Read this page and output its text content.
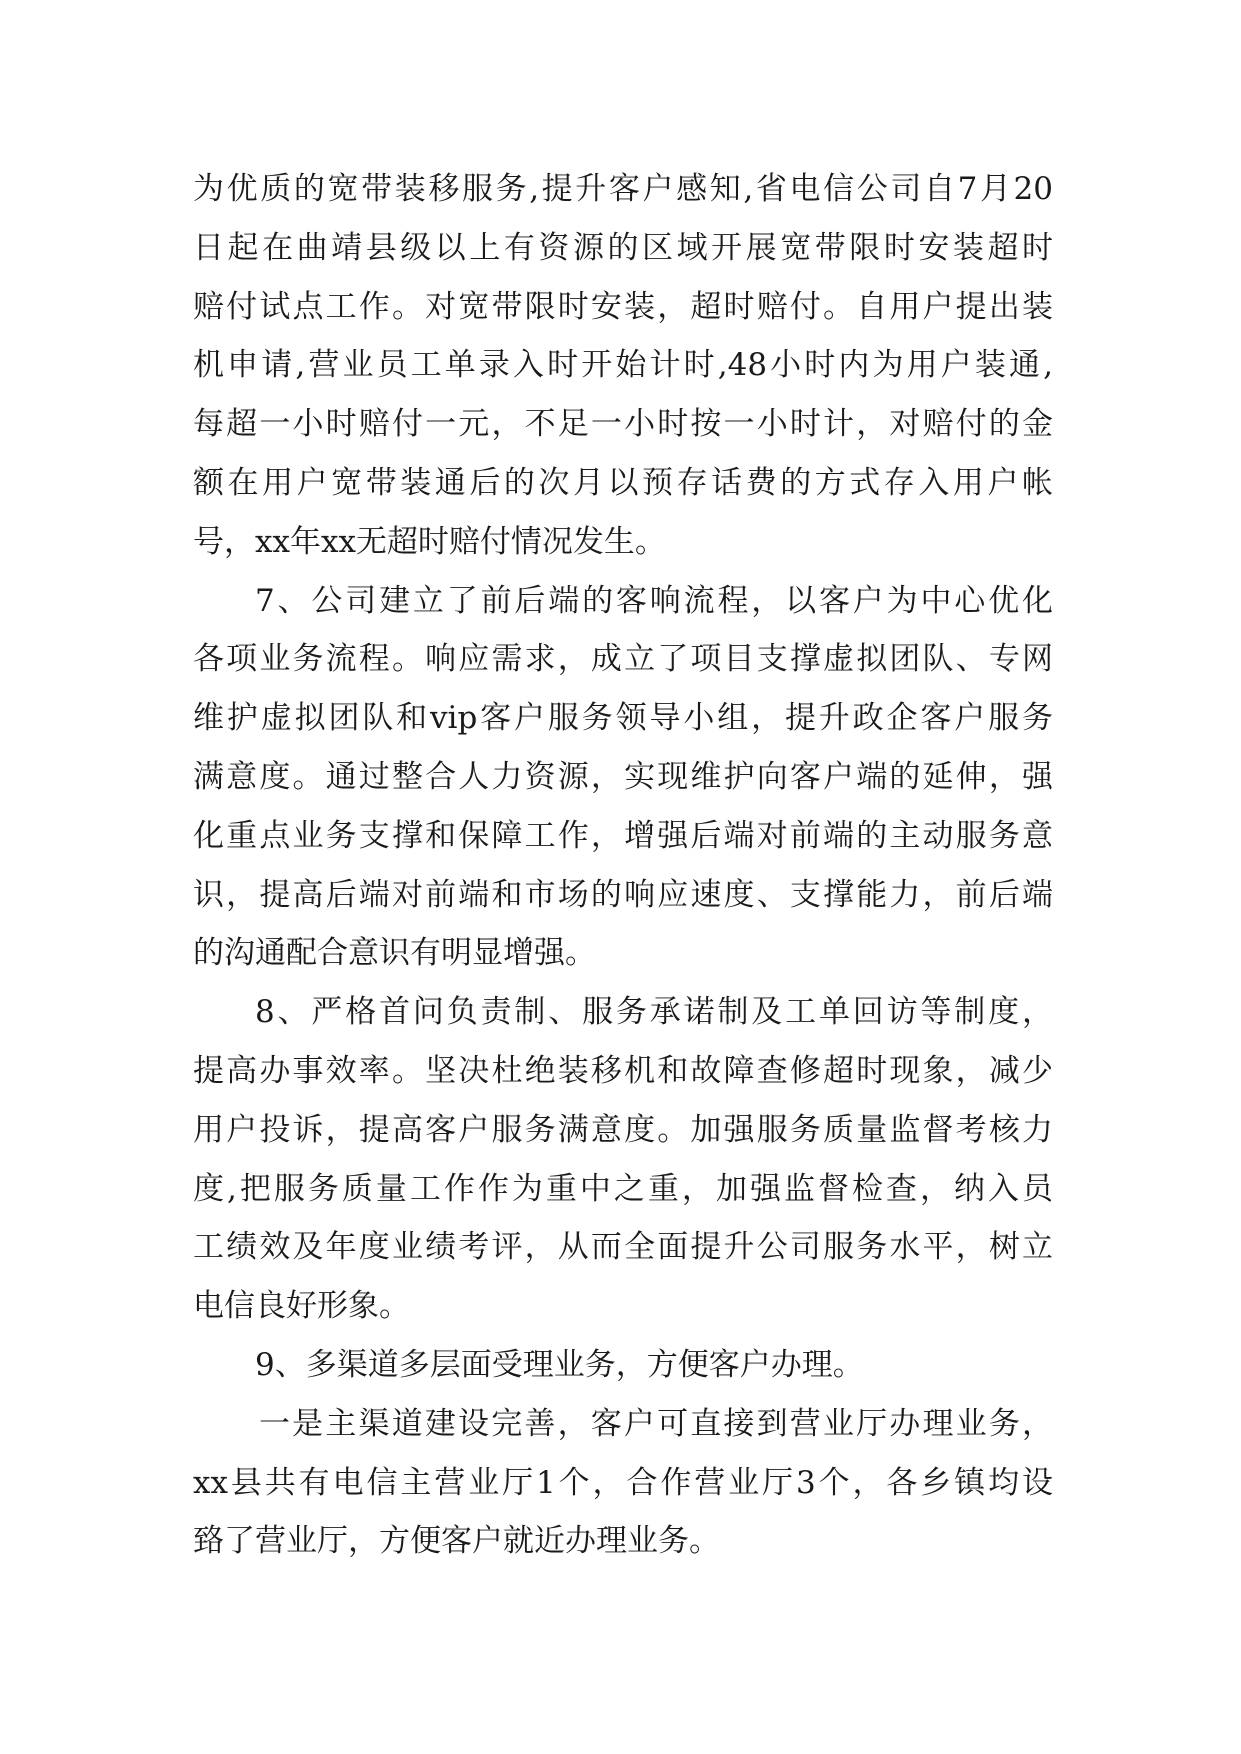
为优质的宽带装移服务,提升客户感知,省电信公司自7月20
日起在曲靖县级以上有资源的区域开展宽带限时安装超时
赔付试点工作。对宽带限时安装，超时赔付。自用户提出装
机申请,营业员工单录入时开始计时,48小时内为用户装通,
每超一小时赔付一元，不足一小时按一小时计，对赔付的金
额在用户宽带装通后的次月以预存话费的方式存入用户帐
号，xx年xx无超时赔付情况发生。
7、公司建立了前后端的客响流程，以客户为中心优化
各项业务流程。响应需求，成立了项目支撑虚拟团队、专网
维护虚拟团队和vip客户服务领导小组，提升政企客户服务
满意度。通过整合人力资源，实现维护向客户端的延伸，强
化重点业务支撑和保障工作，增强后端对前端的主动服务意
识，提高后端对前端和市场的响应速度、支撑能力，前后端
的沟通配合意识有明显增强。
8、严格首问负责制、服务承诺制及工单回访等制度，
提高办事效率。坚决杜绝装移机和故障查修超时现象，减少
用户投诉，提高客户服务满意度。加强服务质量监督考核力
度,把服务质量工作作为重中之重，加强监督检查，纳入员
工绩效及年度业绩考评，从而全面提升公司服务水平，树立
电信良好形象。
9、多渠道多层面受理业务，方便客户办理。
一是主渠道建设完善，客户可直接到营业厅办理业务，
xx县共有电信主营业厅1个，合作营业厅3个，各乡镇均设
臵了营业厅，方便客户就近办理业务。
